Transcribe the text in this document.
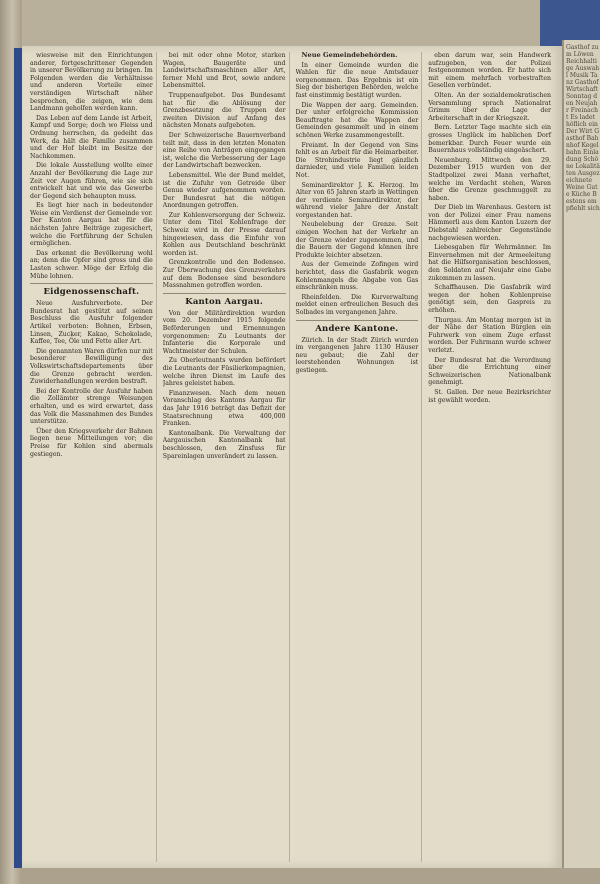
wiesweise mit den Einrichtungen anderer, fortgeschrittener Gegenden in unserer Bevölkerung zu bringen. Im Folgenden werden die Verhältnisse und anderen Vorteile einer verständigen Wirtschaft näher besprochen, die zeigen, wie dem Landmann geholfen werden kann.

Das Leben auf dem Lande ist Arbeit, Kampf und Sorge; doch wo Fleiss und Ordnung herrschen, da gedeiht das Werk, da hält die Familie zusammen und der Hof bleibt im Besitze der Nachkommen.

Die lokale Ausstellung wollte einer Anzahl der Bevölkerung die Lage zur Zeit vor Augen führen, wie sie sich entwickelt hat und wie das Gewerbe der Gegend sich behaupten muss.

Es liegt hier nach in bedeutender Weise ein Verdienst der Gemeinde vor. Der Kanton Aargau hat für die nächsten Jahre Beiträge zugesichert, welche die Fortführung der Schulen ermöglichen.

Das erkennt die Bevölkerung wohl an; denn die Opfer sind gross und die Lasten schwer. Möge der Erfolg die Mühe lohnen.

Eidgenossenschaft.

Neue Ausfuhrverbote. Der Bundesrat hat gestützt auf seinen Beschluss die Ausfuhr folgender Artikel verboten: Bohnen, Erbsen, Linsen, Zucker, Kakao, Schokolade, Kaffee, Tee, Öle und Fette aller Art.

Die genannten Waren dürfen nur mit besonderer Bewilligung des Volkswirtschaftsdepartements über die Grenze gebracht werden. Zuwiderhandlungen werden bestraft.

Bei der Kontrolle der Ausfuhr haben die Zollämter strenge Weisungen erhalten, und es wird erwartet, dass das Volk die Massnahmen des Bundes unterstütze.

Über den Kriegsverkehr der Bahnen liegen neue Mitteilungen vor; die Preise für Kohlen sind abermals gestiegen.

bei mit oder ohne Motor, starken Wagen, Baugeräte und Landwirtschaftsmaschinen aller Art, ferner Mehl und Brot, sowie andere Lebensmittel.

Truppenaufgebot. Das Bundesamt hat für die Ablösung der Grenzbesetzung die Truppen der zweiten Division auf Anfang des nächsten Monats aufgeboten.

Der Schweizerische Bauernverband teilt mit, dass in den letzten Monaten eine Reihe von Anträgen eingegangen ist, welche die Verbesserung der Lage der Landwirtschaft bezwecken.

Lebensmittel. Wie der Bund meldet, ist die Zufuhr von Getreide über Genua wieder aufgenommen worden. Der Bundesrat hat die nötigen Anordnungen getroffen.

Zur Kohlenversorgung der Schweiz. Unter dem Titel Kohlenfrage der Schweiz wird in der Presse darauf hingewiesen, dass die Einfuhr von Kohlen aus Deutschland beschränkt worden ist.

Grenzkontrolle und den Bodensee. Zur Überwachung des Grenzverkehrs auf dem Bodensee sind besondere Massnahmen getroffen worden.

Kanton Aargau.

Von der Militärdirektion wurden vom 20. Dezember 1915 folgende Beförderungen und Ernennungen vorgenommen: Zu Leutnants der Infanterie die Korporale und Wachtmeister der Schulen.

Zu Oberleutnants wurden befördert die Leutnants der Füsilierkompagnien, welche ihren Dienst im Laufe des Jahres geleistet haben.

Finanzwesen. Nach dem neuen Voranschlag des Kantons Aargau für das Jahr 1916 beträgt das Defizit der Staatsrechnung etwa 400,000 Franken.

Kantonalbank. Die Verwaltung der Aargauischen Kantonalbank hat beschlossen, den Zinsfuss für Spareinlagen unverändert zu lassen.

Neue Gemeindebehörden.

In einer Gemeinde wurden die Wahlen für die neue Amtsdauer vorgenommen. Das Ergebnis ist ein Sieg der bisherigen Behörden, welche fast einstimmig bestätigt wurden.

Die Wappen der aarg. Gemeinden. Der unter erfolgreiche Kommission Beauftragte hat die Wappen der Gemeinden gesammelt und in einem schönen Werke zusammengestellt.

Freiamt. In der Gegend von Sins fehlt es an Arbeit für die Heimarbeiter. Die Strohindustrie liegt gänzlich darnieder, und viele Familien leiden Not.

Seminardirektor J. K. Herzog. Im Alter von 65 Jahren starb in Wettingen der verdiente Seminardirektor, der während vieler Jahre der Anstalt vorgestanden hat.

Neubelebung der Grenze. Seit einigen Wochen hat der Verkehr an der Grenze wieder zugenommen, und die Bauern der Gegend können ihre Produkte leichter absetzen.

Aus der Gemeinde Zofingen wird berichtet, dass die Gasfabrik wegen Kohlenmangels die Abgabe von Gas einschränken muss.

Rheinfelden. Die Kurverwaltung meldet einen erfreulichen Besuch des Solbades im vergangenen Jahre.

Andere Kantone.

Zürich. In der Stadt Zürich wurden im vergangenen Jahre 1130 Häuser neu gebaut; die Zahl der leerstehenden Wohnungen ist gestiegen.

eben darum war, sein Handwerk aufzugeben, von der Polizei festgenommen worden. Er hatte sich mit einem mehrfach vorbestraften Gesellen verbündet.

Olten. An der sozialdemokratischen Versammlung sprach Nationalrat Grimm über die Lage der Arbeiterschaft in der Kriegszeit.

Bern. Letzter Tage machte sich ein grosses Unglück im hablichen Dorf bemerkbar. Durch Feuer wurde ein Bauernhaus vollständig eingeäschert.

Neuenburg. Mittwoch den 29. Dezember 1915 wurden von der Stadtpolizei zwei Mann verhaftet, welche im Verdacht stehen, Waren über die Grenze geschmuggelt zu haben.

Der Dieb im Warenhaus. Gestern ist von der Polizei einer Frau namens Hämmerli aus dem Kanton Luzern der Diebstahl zahlreicher Gegenstände nachgewiesen worden.

Liebesgaben für Wehrmänner. Im Einvernehmen mit der Armeeleitung hat die Hilfsorganisation beschlossen, den Soldaten auf Neujahr eine Gabe zukommen zu lassen.

Schaffhausen. Die Gasfabrik wird wegen der hohen Kohlenpreise genötigt sein, den Gaspreis zu erhöhen.

Thurgau. Am Montag morgen ist in der Nähe der Station Bürglen ein Fuhrwerk von einem Zuge erfasst worden. Der Fuhrmann wurde schwer verletzt.

Der Bundesrat hat die Verordnung über die Errichtung einer Schweizerischen Nationalbank genehmigt.

St. Gallen. Der neue Bezirksrichter ist gewählt worden.

Gasthof zum Löwen Reichhaltige Auswahl Musik Tanz Gasthof Wirtschaft Sonntag den Neujahr Freinacht Es ladet höflich ein Der Wirt Gasthof Bahnhof Kegelbahn Einladung Schöne Lokalitäten Ausgezeichnete Weine Gute Küche Bestens empfiehlt sich
